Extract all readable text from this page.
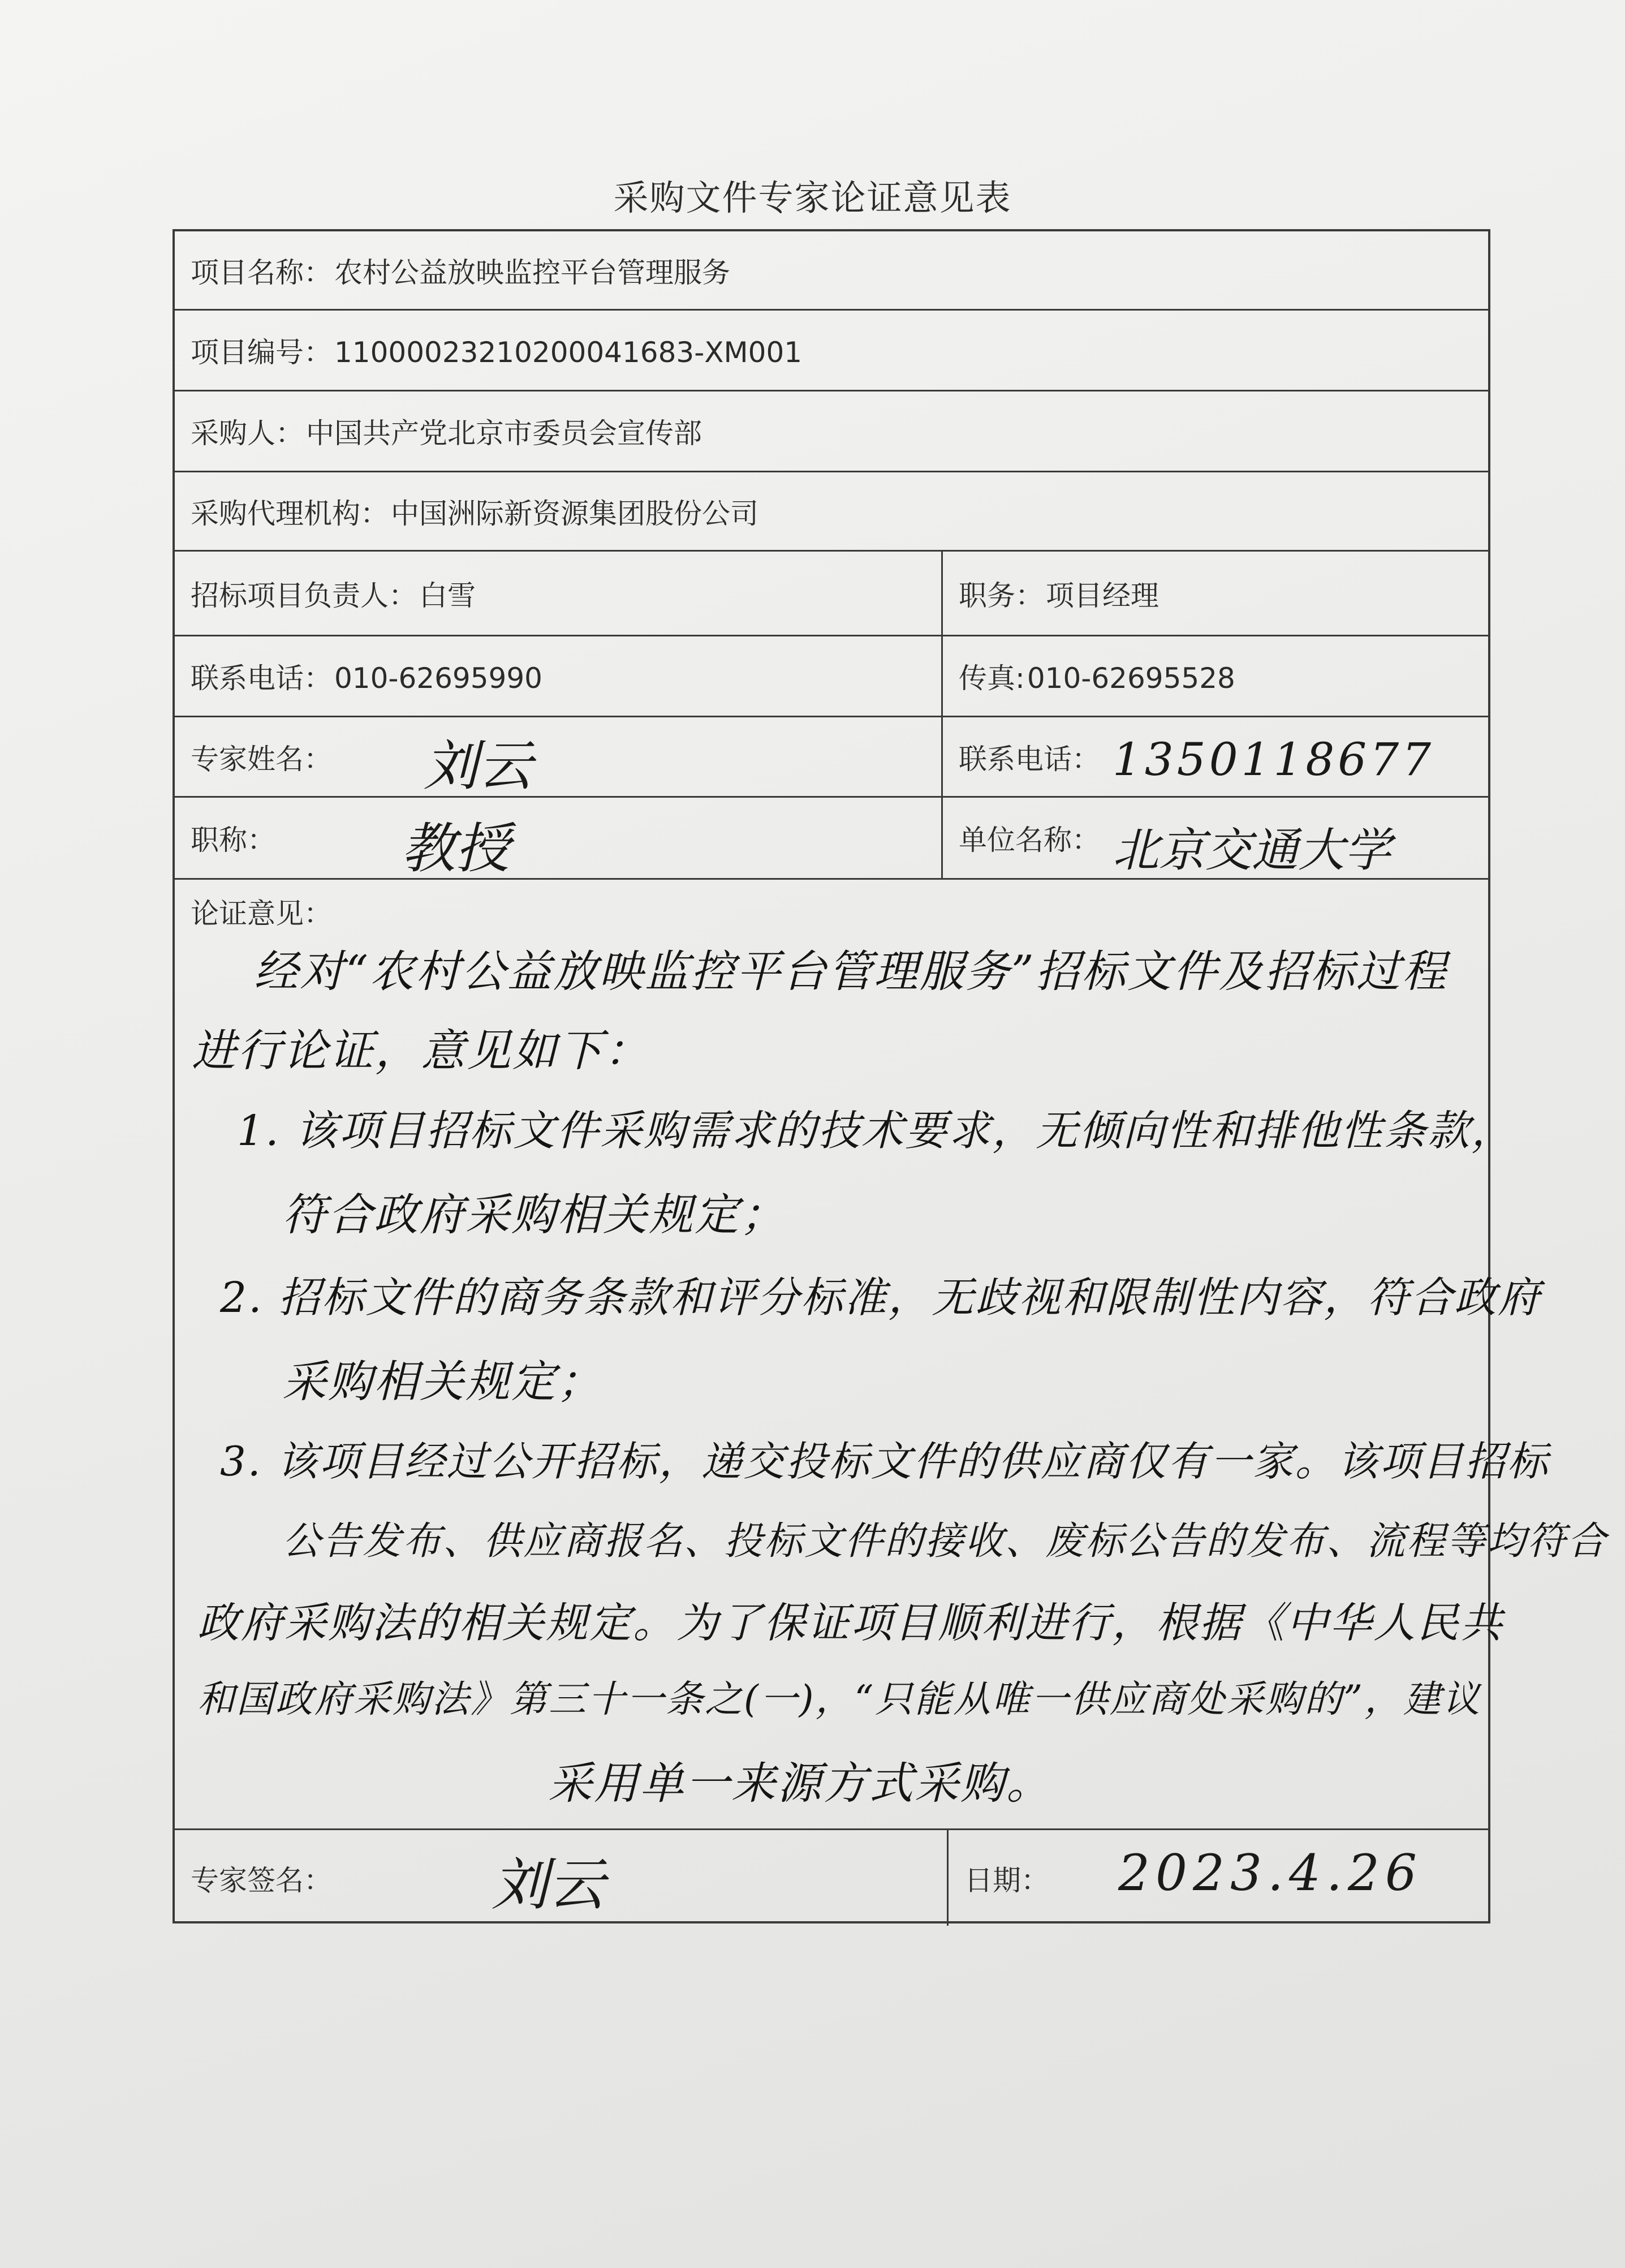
采购文件专家论证意见表
项目名称：农村公益放映监控平台管理服务
项目编号：11000023210200041683-XM001
采购人：中国共产党北京市委员会宣传部
采购代理机构：中国洲际新资源集团股份公司
招标项目负责人：白雪	职务：项目经理
联系电话：010-62695990	传真:010-62695528
专家姓名： 刘云	联系电话： 1350118677
职称： 教授	单位名称： 北京交通大学
论证意见：
经对“农村公益放映监控平台管理服务”招标文件及招标过程
进行论证，意见如下：
1. 该项目招标文件采购需求的技术要求，无倾向性和排他性条款，
符合政府采购相关规定；
2. 招标文件的商务条款和评分标准，无歧视和限制性内容，符合政府
采购相关规定；
3. 该项目经过公开招标，递交投标文件的供应商仅有一家。该项目招标
公告发布、供应商报名、投标文件的接收、废标公告的发布、流程等均符合
政府采购法的相关规定。为了保证项目顺利进行，根据《中华人民共
和国政府采购法》第三十一条之(一)，“只能从唯一供应商处采购的”，建议
采用单一来源方式采购。
专家签名：	刘云	日期： 2023.4.26
